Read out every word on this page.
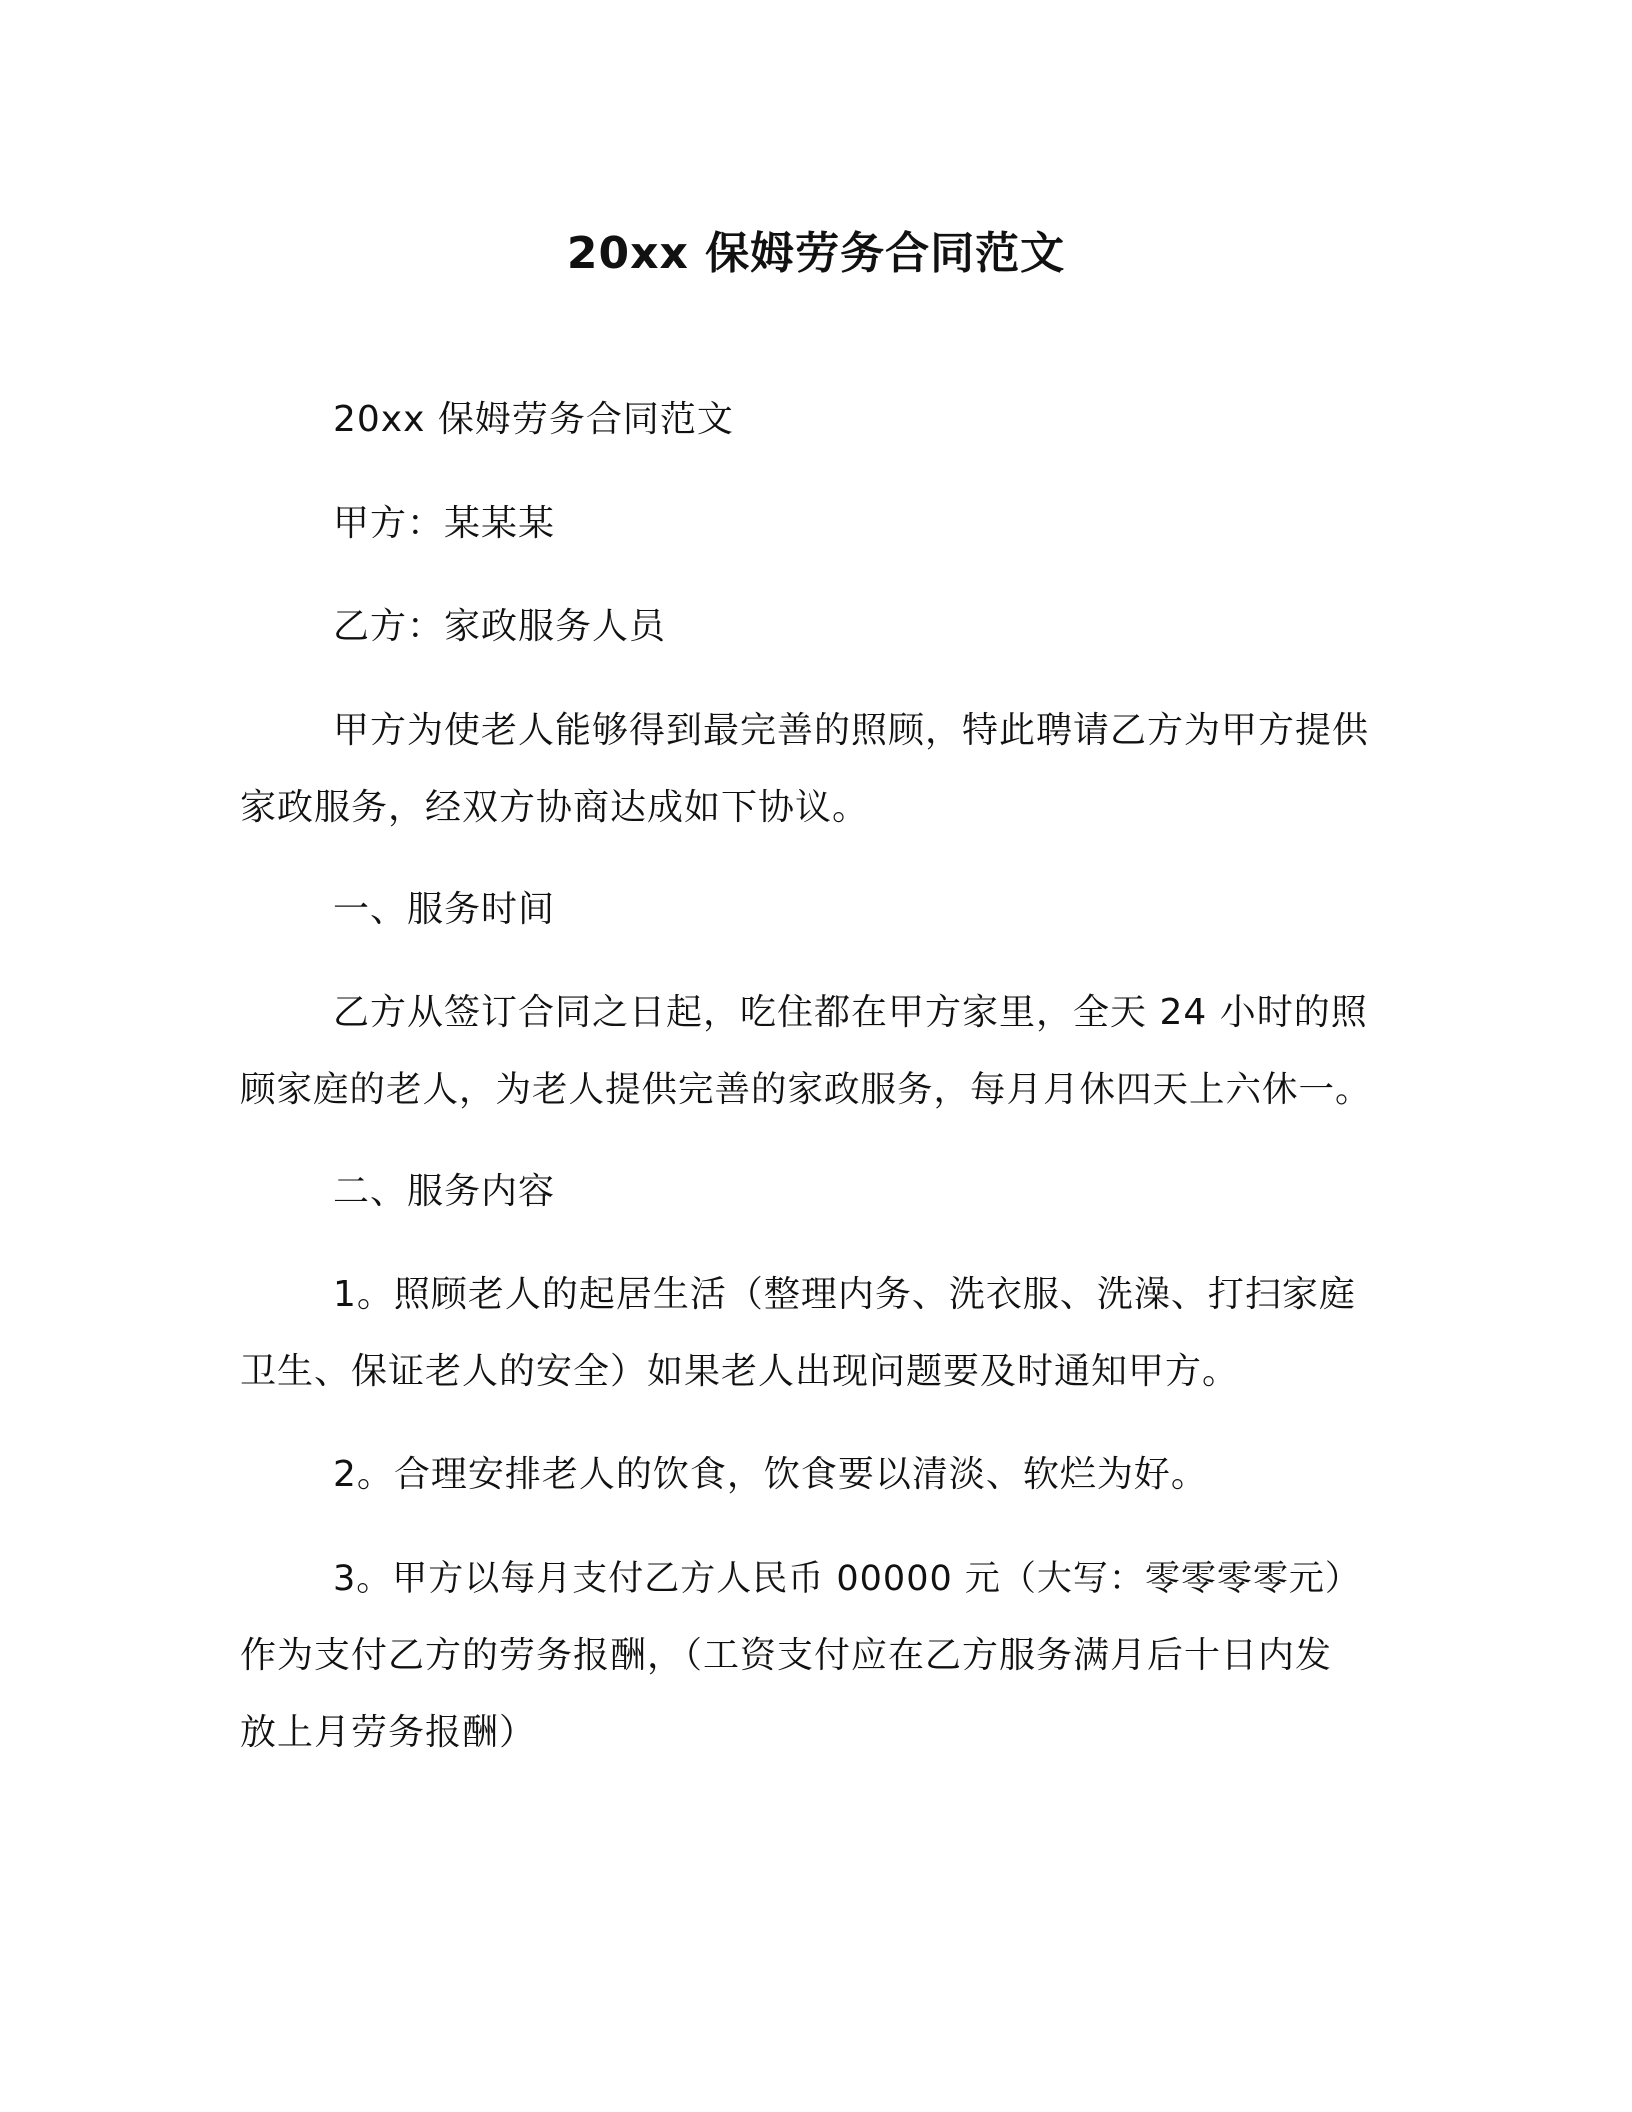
20xx 保姆劳务合同范文
20xx 保姆劳务合同范文
甲方：某某某
乙方：家政服务人员
甲方为使老人能够得到最完善的照顾，特此聘请乙方为甲方提供
家政服务，经双方协商达成如下协议。
一、服务时间
乙方从签订合同之日起，吃住都在甲方家里，全天 24 小时的照
顾家庭的老人，为老人提供完善的家政服务，每月月休四天上六休一。
二、服务内容
1。照顾老人的起居生活（整理内务、洗衣服、洗澡、打扫家庭
卫生、保证老人的安全）如果老人出现问题要及时通知甲方。
2。合理安排老人的饮食，饮食要以清淡、软烂为好。
3。甲方以每月支付乙方人民币 00000 元（大写：零零零零元）
作为支付乙方的劳务报酬，（工资支付应在乙方服务满月后十日内发
放上月劳务报酬）
